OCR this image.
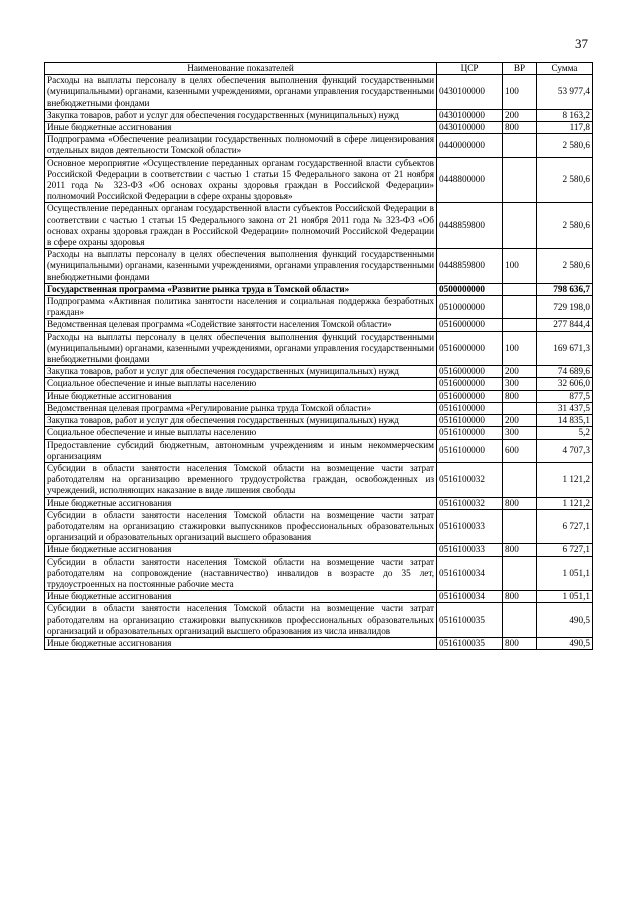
37
Наименование показателей	ЦСР	ВР	Сумма
Расходы на выплаты персоналу в целях обеспечения выполнения функций государственными (муниципальными) органами, казенными учреждениями, органами управления государственными внебюджетными фондами	0430100000	100	53 977,4
Закупка товаров, работ и услуг для обеспечения государственных (муниципальных) нужд	0430100000	200	8 163,2
Иные бюджетные ассигнования	0430100000	800	117,8
Подпрограмма «Обеспечение реализации государственных полномочий в сфере лицензирования отдельных видов деятельности Томской области»	0440000000		2 580,6
Основное мероприятие «Осуществление переданных органам государственной власти субъектов Российской Федерации в соответствии с частью 1 статьи 15 Федерального закона от 21 ноября 2011 года № 323-ФЗ «Об основах охраны здоровья граждан в Российской Федерации» полномочий Российской Федерации в сфере охраны здоровья»	0448800000		2 580,6
Осуществление переданных органам государственной власти субъектов Российской Федерации в соответствии с частью 1 статьи 15 Федерального закона от 21 ноября 2011 года № 323-ФЗ «Об основах охраны здоровья граждан в Российской Федерации» полномочий Российской Федерации в сфере охраны здоровья	0448859800		2 580,6
Расходы на выплаты персоналу в целях обеспечения выполнения функций государственными (муниципальными) органами, казенными учреждениями, органами управления государственными внебюджетными фондами	0448859800	100	2 580,6
Государственная программа «Развитие рынка труда в Томской области»	0500000000		798 636,7
Подпрограмма «Активная политика занятости населения и социальная поддержка безработных граждан»	0510000000		729 198,0
Ведомственная целевая программа «Содействие занятости населения Томской области»	0516000000		277 844,4
Расходы на выплаты персоналу в целях обеспечения выполнения функций государственными (муниципальными) органами, казенными учреждениями, органами управления государственными внебюджетными фондами	0516000000	100	169 671,3
Закупка товаров, работ и услуг для обеспечения государственных (муниципальных) нужд	0516000000	200	74 689,6
Социальное обеспечение и иные выплаты населению	0516000000	300	32 606,0
Иные бюджетные ассигнования	0516000000	800	877,5
Ведомственная целевая программа «Регулирование рынка труда Томской области»	0516100000		31 437,5
Закупка товаров, работ и услуг для обеспечения государственных (муниципальных) нужд	0516100000	200	14 835,1
Социальное обеспечение и иные выплаты населению	0516100000	300	5,2
Предоставление субсидий бюджетным, автономным учреждениям и иным некоммерческим организациям	0516100000	600	4 707,3
Субсидии в области занятости населения Томской области на возмещение части затрат работодателям на организацию временного трудоустройства граждан, освобожденных из учреждений, исполняющих наказание в виде лишения свободы	0516100032		1 121,2
Иные бюджетные ассигнования	0516100032	800	1 121,2
Субсидии в области занятости населения Томской области на возмещение части затрат работодателям на организацию стажировки выпускников профессиональных образовательных организаций и образовательных организаций высшего образования	0516100033		6 727,1
Иные бюджетные ассигнования	0516100033	800	6 727,1
Субсидии в области занятости населения Томской области на возмещение части затрат работодателям на сопровождение (наставничество) инвалидов в возрасте до 35 лет, трудоустроенных на постоянные рабочие места	0516100034		1 051,1
Иные бюджетные ассигнования	0516100034	800	1 051,1
Субсидии в области занятости населения Томской области на возмещение части затрат работодателям на организацию стажировки выпускников профессиональных образовательных организаций и образовательных организаций высшего образования из числа инвалидов	0516100035		490,5
Иные бюджетные ассигнования	0516100035	800	490,5
